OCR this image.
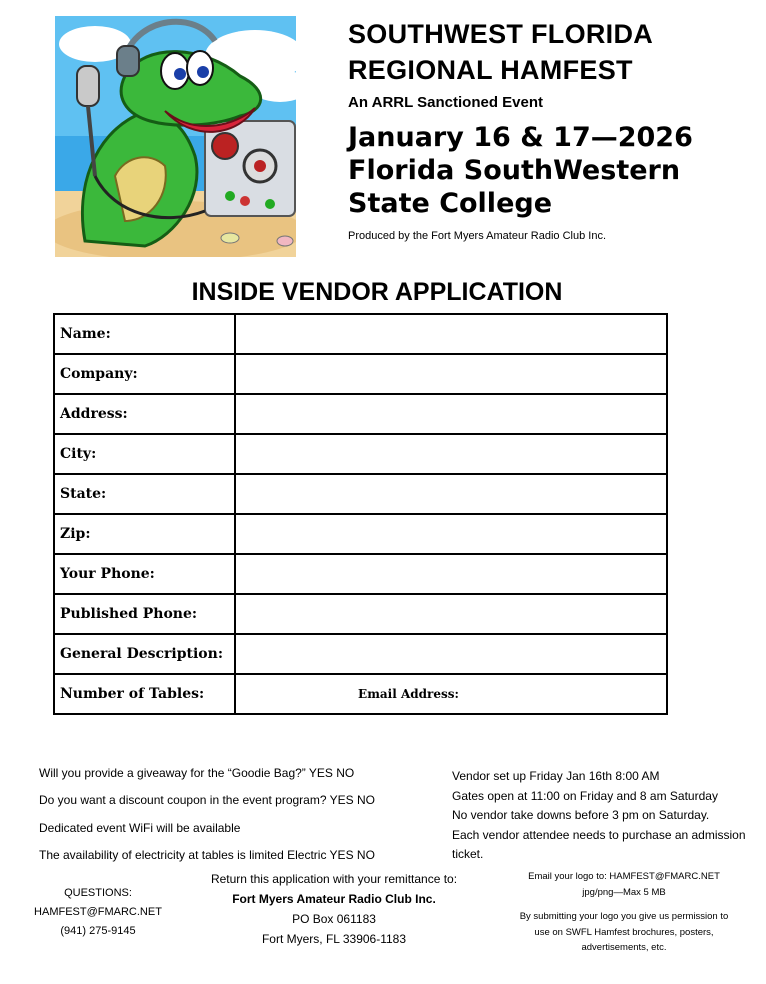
SOUTHWEST FLORIDA
REGIONAL HAMFEST
An ARRL Sanctioned Event
January 16 & 17—2026
Florida SouthWestern
State College
Produced by the Fort Myers Amateur Radio Club Inc.
INSIDE VENDOR APPLICATION
Name:	
Company:	
Address:	
City:	
State:	
Zip:	
Your Phone:	
Published Phone:	
General Description:	
Number of Tables:	Email Address:
Will you provide a giveaway for the “Goodie Bag?” YES NO
Do you want a discount coupon in the event program? YES NO
Dedicated event WiFi will be available
The availability of electricity at tables is limited Electric YES NO
Vendor set up Friday Jan 16th 8:00 AM
Gates open at 11:00 on Friday and 8 am Saturday
No vendor take downs before 3 pm on Saturday.
Each vendor attendee needs to purchase an admission
ticket.
QUESTIONS:
HAMFEST@FMARC.NET
(941) 275-9145
Return this application with your remittance to:
Fort Myers Amateur Radio Club Inc.
PO Box 061183
Fort Myers, FL 33906-1183
Email your logo to: HAMFEST@FMARC.NET
jpg/png—Max 5 MB
By submitting your logo you give us permission to
use on SWFL Hamfest brochures, posters,
advertisements, etc.
